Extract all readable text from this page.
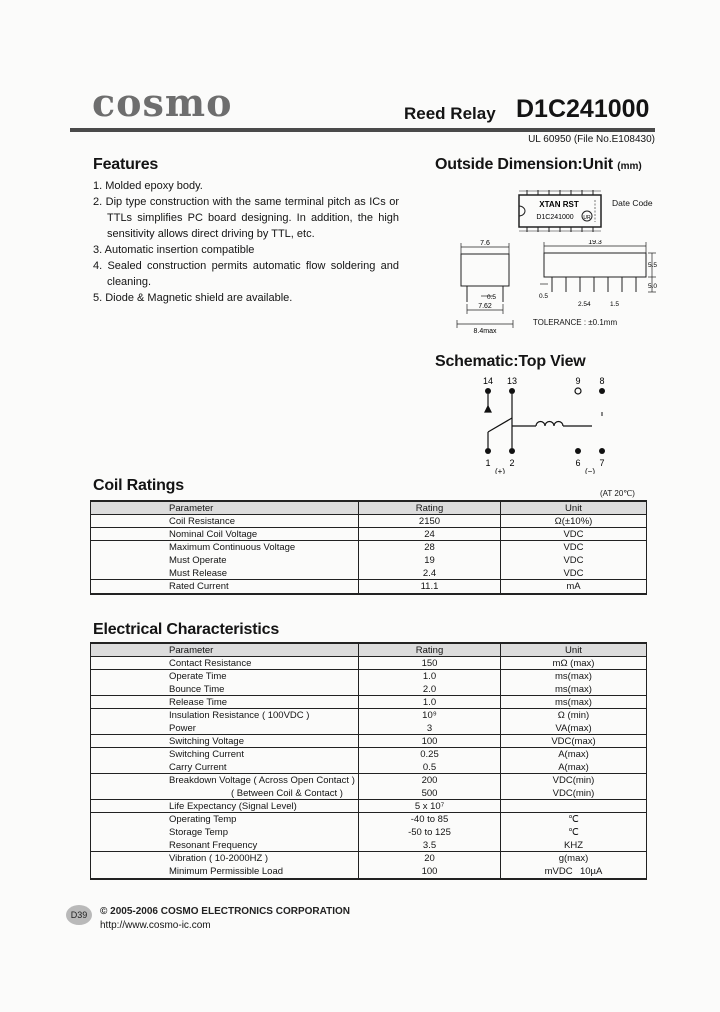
cosmo	Reed Relay D1C241000
UL 60950 (File No.E108430)
Features
1. Molded epoxy body.
2. Dip type construction with the same terminal pitch as ICs or TTLs simplifies PC board designing. In addition, the high sensitivity allows direct driving by TTL, etc.
3. Automatic insertion compatible
4. Sealed construction permits automatic flow soldering and cleaning.
5. Diode & Magnetic shield are available.
Outside Dimension:Unit (mm)
XTAN RST
D1C241000 UR
Date Code
7.6
0.5
7.62
8.4max
19.3
0.5
2.54
5.5
5.0
1.5
TOLERANCE : ±0.1mm
Schematic:Top View
14 13	9 8
1 2	6 7
(+)	(−)
Coil Ratings	(AT 20℃)
Parameter	Rating	Unit
Coil Resistance	2150	Ω(±10%)
Nominal Coil Voltage	24	VDC
Maximum Continuous Voltage	28	VDC
Must Operate	19	VDC
Must Release	2.4	VDC
Rated Current	11.1	mA
Electrical Characteristics
Parameter	Rating	Unit
Contact Resistance	150	mΩ (max)
Operate Time	1.0	ms(max)
Bounce Time	2.0	ms(max)
Release Time	1.0	ms(max)
Insulation Resistance ( 100VDC )	10⁹	Ω (min)
Power	3	VA(max)
Switching Voltage	100	VDC(max)
Switching Current	0.25	A(max)
Carry Current	0.5	A(max)
Breakdown Voltage ( Across Open Contact )	200	VDC(min)
( Between Coil & Contact )	500	VDC(min)
Life Expectancy (Signal Level)	5 x 10⁷
Operating Temp	-40 to 85	℃
Storage Temp	-50 to 125	℃
Resonant Frequency	3.5	KHZ
Vibration ( 10-2000HZ )	20	g(max)
Minimum Permissible Load	100	mVDC  10µA
D39	© 2005-2006 COSMO ELECTRONICS CORPORATION
http://www.cosmo-ic.com
